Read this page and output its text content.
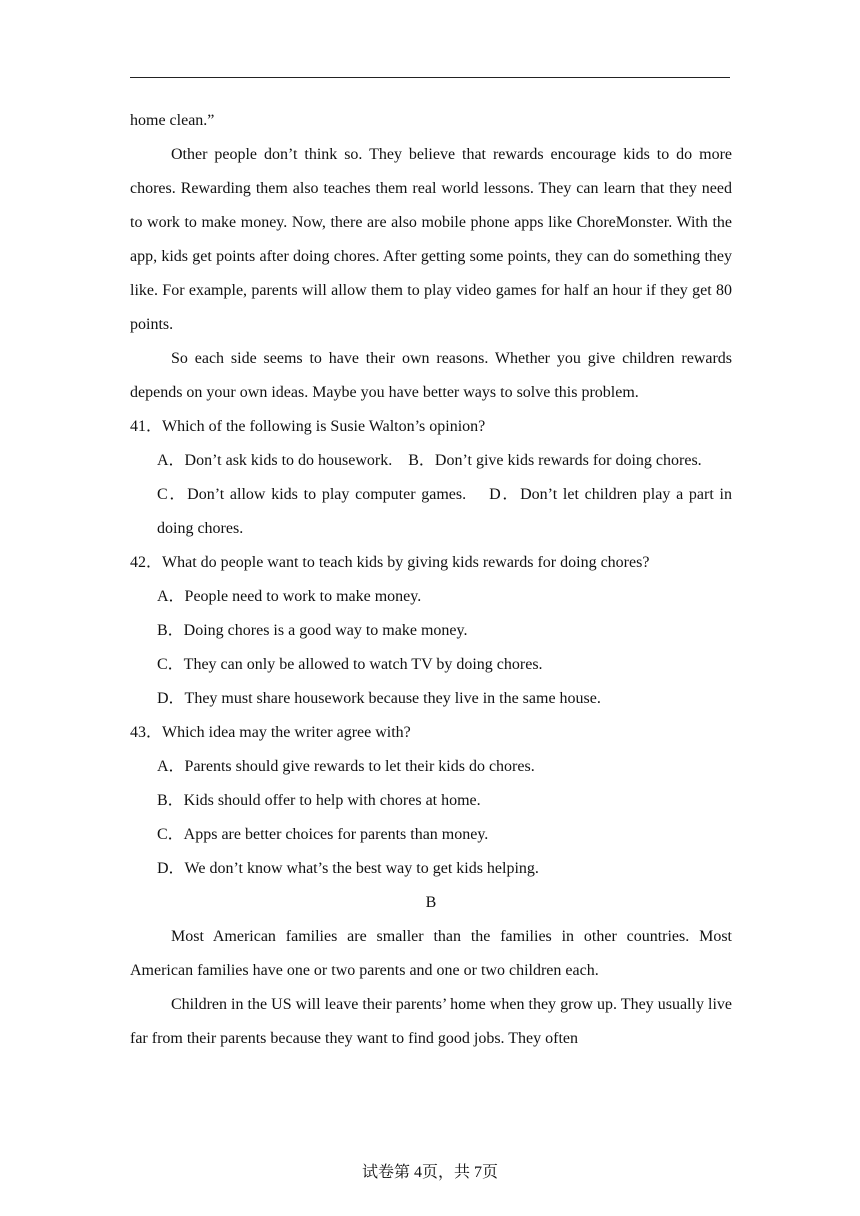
home clean.”

Other people don’t think so. They believe that rewards encourage kids to do more chores. Rewarding them also teaches them real world lessons. They can learn that they need to work to make money. Now, there are also mobile phone apps like ChoreMonster. With the app, kids get points after doing chores. After getting some points, they can do something they like. For example, parents will allow them to play video games for half an hour if they get 80 points.

So each side seems to have their own reasons. Whether you give children rewards depends on your own ideas. Maybe you have better ways to solve this problem.

41．Which of the following is Susie Walton’s opinion?

A．Don’t ask kids to do housework.    B．Don’t give kids rewards for doing chores.

C．Don’t allow kids to play computer games.    D．Don’t let children play a part in doing chores.

42．What do people want to teach kids by giving kids rewards for doing chores?

A．People need to work to make money.

B．Doing chores is a good way to make money.

C．They can only be allowed to watch TV by doing chores.

D．They must share housework because they live in the same house.

43．Which idea may the writer agree with?

A．Parents should give rewards to let their kids do chores.

B．Kids should offer to help with chores at home.

C．Apps are better choices for parents than money.

D．We don’t know what’s the best way to get kids helping.

B

Most American families are smaller than the families in other countries. Most American families have one or two parents and one or two children each.

Children in the US will leave their parents’ home when they grow up. They usually live far from their parents because they want to find good jobs. They often

试卷第 4页，共 7页
